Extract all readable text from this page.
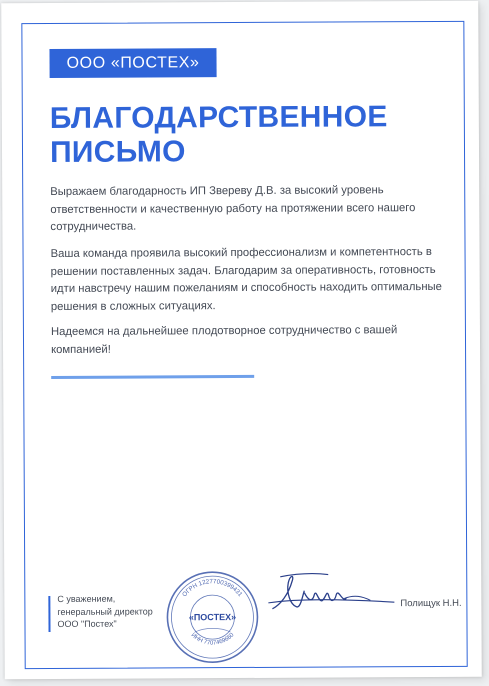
ООО «ПОСТЕХ»
БЛАГОДАРСТВЕННОЕ
ПИСЬМО
Выражаем благодарность ИП Звереву Д.В. за высокий уровень
ответственности и качественную работу на протяжении всего нашего
сотрудничества.
Ваша команда проявила высокий профессионализм и компетентность в
решении поставленных задач. Благодарим за оперативность, готовность
идти навстречу нашим пожеланиям и способность находить оптимальные
решения в сложных ситуациях.
Надеемся на дальнейшее плодотворное сотрудничество с вашей
компанией!
С уважением,
генеральный директор
ООО "Постех"
ОГРН 1227700399431
ИНН 7707469660
«ПОСТЕХ»
Полищук Н.Н.
